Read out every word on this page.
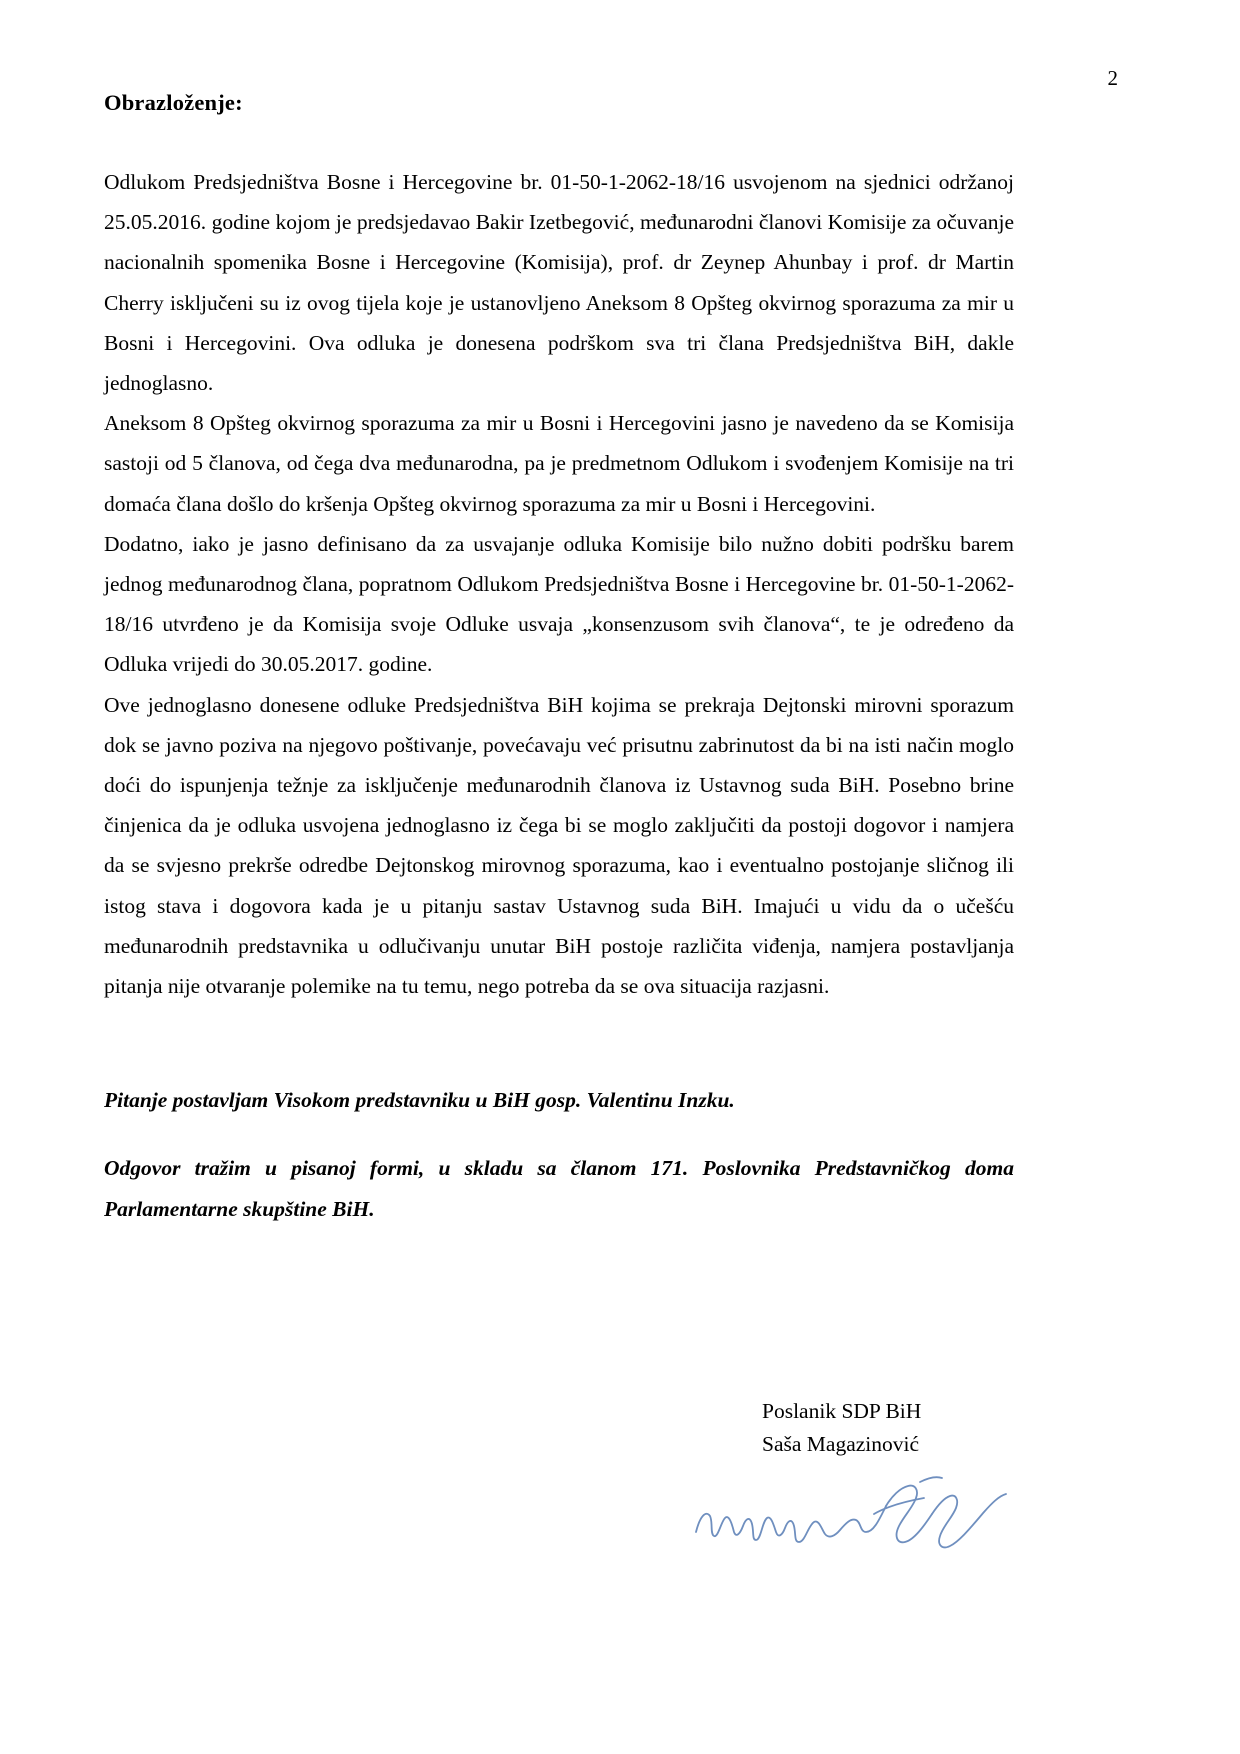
2
Obrazloženje:

Odlukom Predsjedništva Bosne i Hercegovine br. 01-50-1-2062-18/16 usvojenom na sjednici održanoj 25.05.2016. godine kojom je predsjedavao Bakir Izetbegović, međunarodni članovi Komisije za očuvanje nacionalnih spomenika Bosne i Hercegovine (Komisija), prof. dr Zeynep Ahunbay i prof. dr Martin Cherry isključeni su iz ovog tijela koje je ustanovljeno Aneksom 8 Opšteg okvirnog sporazuma za mir u Bosni i Hercegovini. Ova odluka je donesena podrškom sva tri člana Predsjedništva BiH, dakle jednoglasno.

Aneksom 8 Opšteg okvirnog sporazuma za mir u Bosni i Hercegovini jasno je navedeno da se Komisija sastoji od 5 članova, od čega dva međunarodna, pa je predmetnom Odlukom i svođenjem Komisije na tri domaća člana došlo do kršenja Opšteg okvirnog sporazuma za mir u Bosni i Hercegovini.

Dodatno, iako je jasno definisano da za usvajanje odluka Komisije bilo nužno dobiti podršku barem jednog međunarodnog člana, popratnom Odlukom Predsjedništva Bosne i Hercegovine br. 01-50-1-2062-18/16 utvrđeno je da Komisija svoje Odluke usvaja „konsenzusom svih članova“, te je određeno da Odluka vrijedi do 30.05.2017. godine.

Ove jednoglasno donesene odluke Predsjedništva BiH kojima se prekraja Dejtonski mirovni sporazum dok se javno poziva na njegovo poštivanje, povećavaju već prisutnu zabrinutost da bi na isti način moglo doći do ispunjenja težnje za isključenje međunarodnih članova iz Ustavnog suda BiH. Posebno brine činjenica da je odluka usvojena jednoglasno iz čega bi se moglo zaključiti da postoji dogovor i namjera da se svjesno prekrše odredbe Dejtonskog mirovnog sporazuma, kao i eventualno postojanje sličnog ili istog stava i dogovora kada je u pitanju sastav Ustavnog suda BiH. Imajući u vidu da o učešću međunarodnih predstavnika u odlučivanju unutar BiH postoje različita viđenja, namjera postavljanja pitanja nije otvaranje polemike na tu temu, nego potreba da se ova situacija razjasni.

Pitanje postavljam Visokom predstavniku u BiH gosp. Valentinu Inzku.

Odgovor tražim u pisanoj formi, u skladu sa članom 171. Poslovnika Predstavničkog doma Parlamentarne skupštine BiH.

Poslanik SDP BiH
Saša Magazinović
